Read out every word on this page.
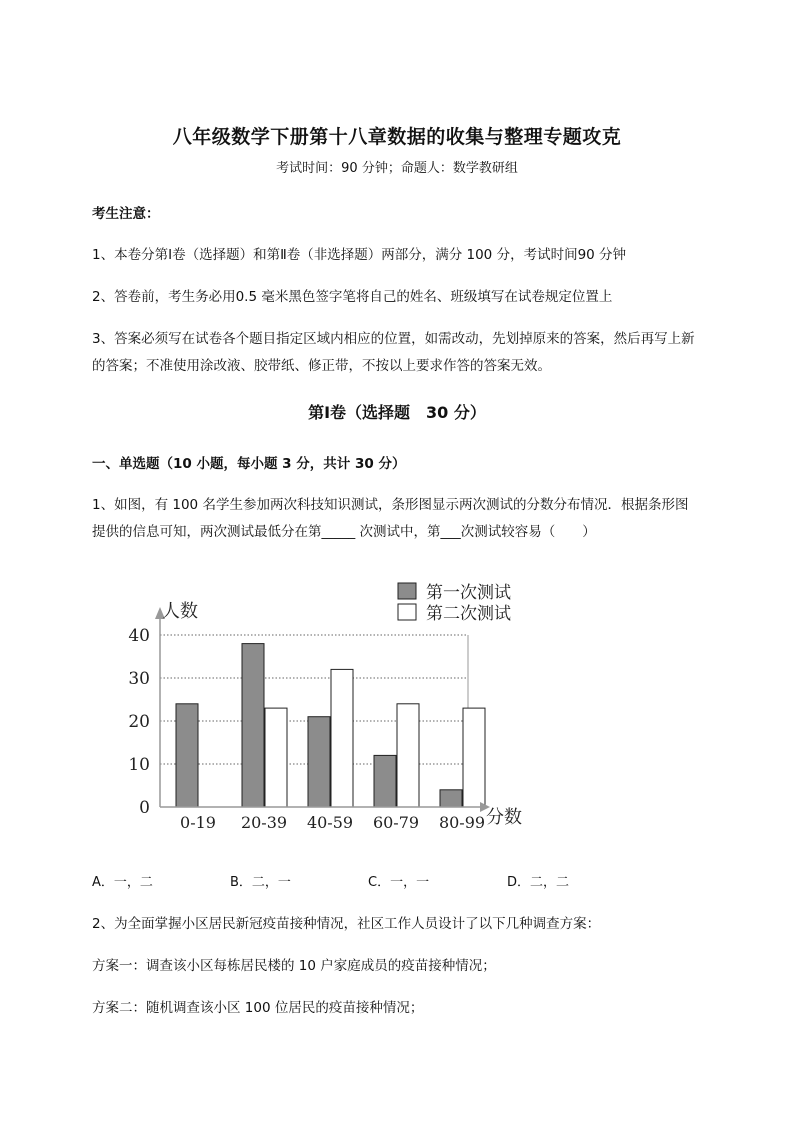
八年级数学下册第十八章数据的收集与整理专题攻克
考试时间：90 分钟；命题人：数学教研组
考生注意：
1、本卷分第Ⅰ卷（选择题）和第Ⅱ卷（非选择题）两部分，满分 100 分，考试时间90 分钟
2、答卷前，考生务必用0.5 毫米黑色签字笔将自己的姓名、班级填写在试卷规定位置上
3、答案必须写在试卷各个题目指定区域内相应的位置，如需改动，先划掉原来的答案，然后再写上新
的答案；不准使用涂改液、胶带纸、修正带，不按以上要求作答的答案无效。
第Ⅰ卷（选择题　30 分）
一、单选题（10 小题，每小题 3 分，共计 30 分）
1、如图，有 100 名学生参加两次科技知识测试，条形图显示两次测试的分数分布情况．根据条形图
提供的信息可知，两次测试最低分在第_____ 次测试中，第___次测试较容易（　　）
0-19 20-39 40-59 60-79 80-99
0
10
20
30
40
人数
分数
第一次测试
第二次测试
A．一，二	B．二，一	C．一，一	D．二，二
2、为全面掌握小区居民新冠疫苗接种情况，社区工作人员设计了以下几种调查方案：
方案一：调查该小区每栋居民楼的 10 户家庭成员的疫苗接种情况；
方案二：随机调查该小区 100 位居民的疫苗接种情况；
